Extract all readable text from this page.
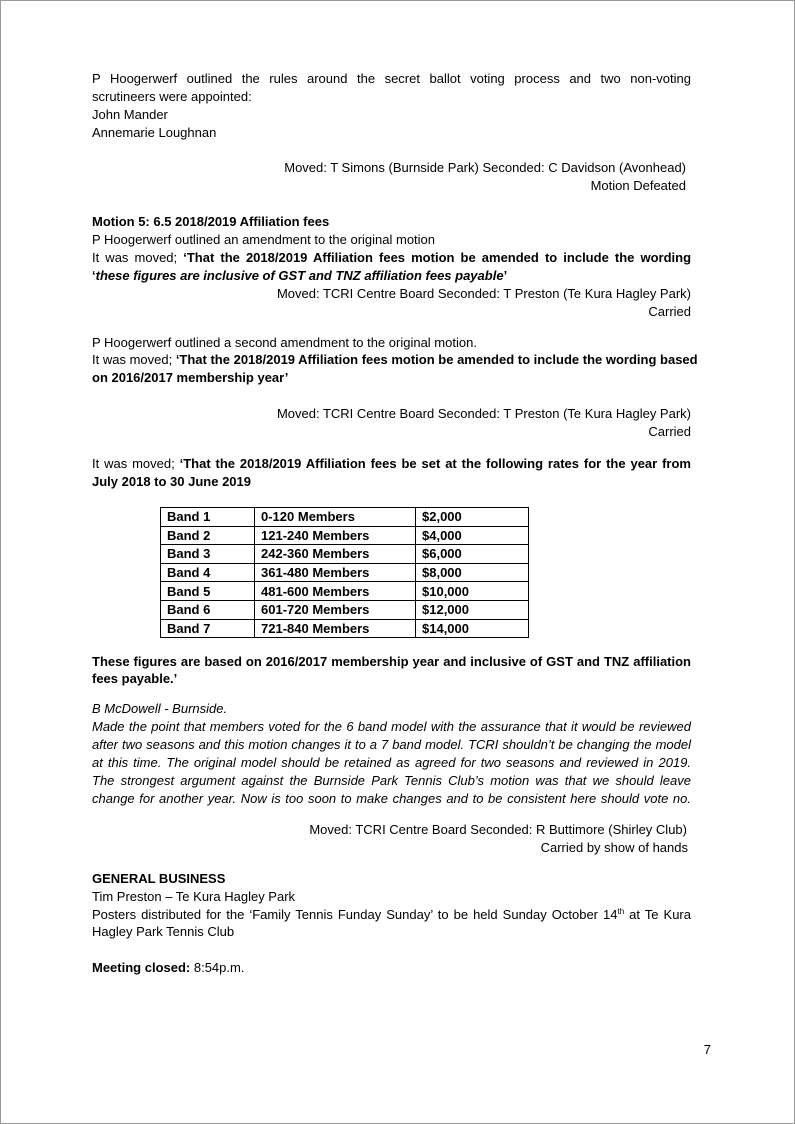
P Hoogerwerf outlined the rules around the secret ballot voting process and two non-voting
scrutineers were appointed:
John Mander
Annemarie Loughnan
Moved: T Simons (Burnside Park) Seconded: C Davidson (Avonhead)
Motion Defeated
Motion 5: 6.5 2018/2019 Affiliation fees
P Hoogerwerf outlined an amendment to the original motion
It was moved; ‘That the 2018/2019 Affiliation fees motion be amended to include the wording
‘these figures are inclusive of GST and TNZ affiliation fees payable’
Moved: TCRI Centre Board Seconded: T Preston (Te Kura Hagley Park)
Carried
P Hoogerwerf outlined a second amendment to the original motion.
It was moved; ‘That the 2018/2019 Affiliation fees motion be amended to include the wording based
on 2016/2017 membership year’
Moved: TCRI Centre Board Seconded: T Preston (Te Kura Hagley Park)
Carried
It was moved; ‘That the 2018/2019 Affiliation fees be set at the following rates for the year from
July 2018 to 30 June 2019
Band 1	0-120 Members	$2,000
Band 2	121-240 Members	$4,000
Band 3	242-360 Members	$6,000
Band 4	361-480 Members	$8,000
Band 5	481-600 Members	$10,000
Band 6	601-720 Members	$12,000
Band 7	721-840 Members	$14,000
These figures are based on 2016/2017 membership year and inclusive of GST and TNZ affiliation
fees payable.’
B McDowell - Burnside.
Made the point that members voted for the 6 band model with the assurance that it would be reviewed
after two seasons and this motion changes it to a 7 band model. TCRI shouldn’t be changing the model
at this time. The original model should be retained as agreed for two seasons and reviewed in 2019.
The strongest argument against the Burnside Park Tennis Club’s motion was that we should leave
change for another year. Now is too soon to make changes and to be consistent here should vote no.
Moved: TCRI Centre Board Seconded: R Buttimore (Shirley Club)
Carried by show of hands
GENERAL BUSINESS
Tim Preston – Te Kura Hagley Park
Posters distributed for the ‘Family Tennis Funday Sunday’ to be held Sunday October 14th at Te Kura
Hagley Park Tennis Club
Meeting closed: 8:54p.m.
7
